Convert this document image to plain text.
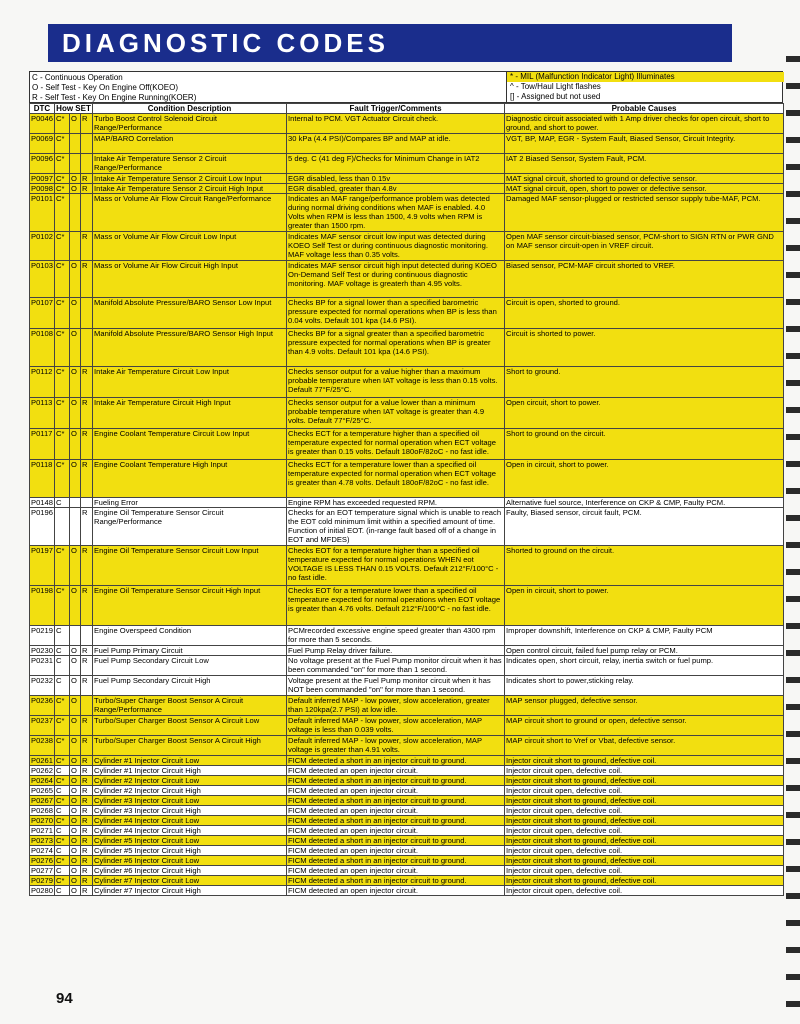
DIAGNOSTIC CODES
C - Continuous Operation
O - Self Test - Key On Engine Off(KOEO)
R - Self Test - Key On Engine Running(KOER)
* - MIL (Malfunction Indicator Light) Illuminates
^ - Tow/Haul Light flashes
[] - Assigned but not used
DTC	How SET			Condition Description	Fault Trigger/Comments	Probable Causes
P0046	C*	O	R	Turbo Boost Control Solenoid Circuit Range/Performance	Internal to PCM. VGT Actuator Circuit check.	Diagnostic circuit associated with 1 Amp driver checks for open circuit, short to ground, and short to power.
P0069	C*			MAP/BARO Correlation	30 kPa (4.4 PSI)/Compares BP and MAP at idle.	VGT, BP, MAP, EGR - System Fault, Biased Sensor, Circuit Integrity.
P0096	C*			Intake Air Temperature Sensor 2 Circuit Range/Performance	5 deg. C (41 deg F)/Checks for Minimum Change in IAT2	IAT 2 Biased Sensor, System Fault, PCM.
P0097	C*	O	R	Intake Air Temperature Sensor 2 Circuit Low Input	EGR disabled, less than 0.15v	MAT signal circuit, shorted to ground or defective sensor.
P0098	C*	O	R	Intake Air Temperature Sensor 2 Circuit High Input	EGR disabled, greater than 4.8v	MAT signal circuit, open, short to power or defective sensor.
P0101	C*			Mass or Volume Air Flow Circuit Range/Performance	Indicates an MAF range/performance problem was detected during normal driving conditions when MAF is enabled. 4.0 Volts when RPM is less than 1500, 4.9 volts when RPM is greater than 1500 rpm.	Damaged MAF sensor-plugged or restricted sensor supply tube-MAF, PCM.
P0102	C*		R	Mass or Volume Air Flow Circuit Low Input	Indicates MAF sensor circuit low input was detected during KOEO Self Test or during continuous diagnostic monitoring. MAF voltage less than 0.35 volts.	Open MAF sensor circuit-biased sensor, PCM-short to SIGN RTN or PWR GND on MAF sensor circuit-open in VREF circuit.
P0103	C*	O	R	Mass or Volume Air Flow Circuit High Input	Indicates MAF sensor circuit high input detected during KOEO On-Demand Self Test or during continuous diagnostic monitoring. MAF voltage is greaterh than 4.95 volts.	Biased sensor, PCM-MAF circuit shorted to VREF.
P0107	C*	O		Manifold Absolute Pressure/BARO Sensor Low Input	Checks BP for a signal lower than a specified barometric pressure expected for normal operations when BP is less than 0.04 volts. Default 101 kpa (14.6 PSI).	Circuit is open, shorted to ground.
P0108	C*	O		Manifold Absolute Pressure/BARO Sensor High Input	Checks BP for a signal greater than a specified barometric pressure expected for normal operations when BP is greater than 4.9 volts. Default 101 kpa (14.6 PSI).	Circuit is shorted to power.
P0112	C*	O	R	Intake Air Temperature Circuit Low Input	Checks sensor output for a value higher than a maximum probable temperature when IAT voltage is less than 0.15 volts. Default 77°F/25°C.	Short to ground.
P0113	C*	O	R	Intake Air Temperature Circuit High Input	Checks sensor output for a value lower than a minimum probable temperature when IAT voltage is greater than 4.9 volts. Default 77°F/25°C.	Open circuit, short to power.
P0117	C*	O	R	Engine Coolant Temperature Circuit Low Input	Checks ECT for a temperature higher than a specified oil temperature expected for normal operation when ECT voltage is greater than 0.15 volts. Default 180oF/82oC - no fast idle.	Short to ground on the circuit.
P0118	C*	O	R	Engine Coolant Temperature High Input	Checks ECT for a temperature lower than a specified oil temperature expected for normal operation when ECT voltage is greater than 4.78 volts. Default 180oF/82oC - no fast idle.	Open in circuit, short to power.
P0148	C			Fueling Error	Engine RPM has exceeded requested RPM.	Alternative fuel source, Interference on CKP & CMP, Faulty PCM.
P0196			R	Engine Oil Temperature Sensor Circuit Range/Performance	Checks for an EOT temperature signal which is unable to reach the EOT cold minimum limit within a specified amount of time. Function of initial EOT. (in-range fault based off of a change in EOT and MFDES)	Faulty, Biased sensor, circuit fault, PCM.
P0197	C*	O	R	Engine Oil Temperature Sensor Circuit Low Input	Checks EOT for a temperature higher than a specified oil temperature expected for normal operations WHEN eot VOLTAGE IS LESS THAN 0.15 VOLTS. Default 212°F/100°C - no fast idle.	Shorted to ground on the circuit.
P0198	C*	O	R	Engine Oil Temperature Sensor Circuit High Input	Checks EOT for a temperature lower than a specified oil temperature expected for normal operations when EOT voltage is greater than 4.76 volts. Default 212°F/100°C - no fast idle.	Open in circuit, short to power.
P0219	C			Engine Overspeed Condition	PCMrecorded excessive engine speed greater than 4300 rpm for more than 5 seconds.	Improper downshift, Interference on CKP & CMP, Faulty PCM
P0230	C	O	R	Fuel Pump Primary Circuit	Fuel Pump Relay driver failure.	Open control circuit, failed fuel pump relay or PCM.
P0231	C	O	R	Fuel Pump Secondary Circuit Low	No voltage present at the Fuel Pump monitor circuit when it has been commanded "on" for more than 1 second.	Indicates open, short circuit, relay, inertia switch or fuel pump.
P0232	C	O	R	Fuel Pump Secondary Circuit High	Voltage present at the Fuel Pump monitor circuit when it has NOT been commanded "on" for more than 1 second.	Indicates short to power,sticking relay.
P0236	C*	O		Turbo/Super Charger Boost Sensor A Circuit Range/Performance	Default inferred MAP - low power, slow acceleration, greater than 120kpa(2.7 PSI) at low idle.	MAP sensor plugged, defective sensor.
P0237	C*	O	R	Turbo/Super Charger Boost Sensor A Circuit Low	Default inferred MAP - low power, slow acceleration, MAP voltage is less than 0.039 volts.	MAP circuit short to ground or open, defective sensor.
P0238	C*	O	R	Turbo/Super Charger Boost Sensor A Circuit High	Default inferred MAP - low power, slow acceleration, MAP voltage is greater than 4.91 volts.	MAP circuit short to Vref or Vbat, defective sensor.
P0261	C*	O	R	Cylinder #1 Injector Circuit Low	FICM detected a short in an injector circuit to ground.	Injector circuit short to ground, defective coil.
P0262	C	O	R	Cylinder #1 Injector Circuit High	FICM detected an open injector circuit.	Injector circuit open, defective coil.
P0264	C*	O	R	Cylinder #2 Injector Circuit Low	FICM detected a short in an injector circuit to ground.	Injector circuit short to ground, defective coil.
P0265	C	O	R	Cylinder #2 Injector Circuit High	FICM detected an open injector circuit.	Injector circuit open, defective coil.
P0267	C*	O	R	Cylinder #3 Injector Circuit Low	FICM detected a short in an injector circuit to ground.	Injector circuit short to ground, defective coil.
P0268	C	O	R	Cylinder #3 Injector Circuit High	FICM detected an open injector circuit.	Injector circuit open, defective coil.
P0270	C*	O	R	Cylinder #4 Injector Circuit Low	FICM detected a short in an injector circuit to ground.	Injector circuit short to ground, defective coil.
P0271	C	O	R	Cylinder #4 Injector Circuit High	FICM detected an open injector circuit.	Injector circuit open, defective coil.
P0273	C*	O	R	Cylinder #5 Injector Circuit Low	FICM detected a short in an injector circuit to ground.	Injector circuit short to ground, defective coil.
P0274	C	O	R	Cylinder #5 Injector Circuit High	FICM detected an open injector circuit.	Injector circuit open, defective coil.
P0276	C*	O	R	Cylinder #6 Injector Circuit Low	FICM detected a short in an injector circuit to ground.	Injector circuit short to ground, defective coil.
P0277	C	O	R	Cylinder #6 Injector Circuit High	FICM detected an open injector circuit.	Injector circuit open, defective coil.
P0279	C*	O	R	Cylinder #7 Injector Circuit Low	FICM detected a short in an injector circuit to ground.	Injector circuit short to ground, defective coil.
P0280	C	O	R	Cylinder #7 Injector Circuit High	FICM detected an open injector circuit.	Injector circuit open, defective coil.
94
